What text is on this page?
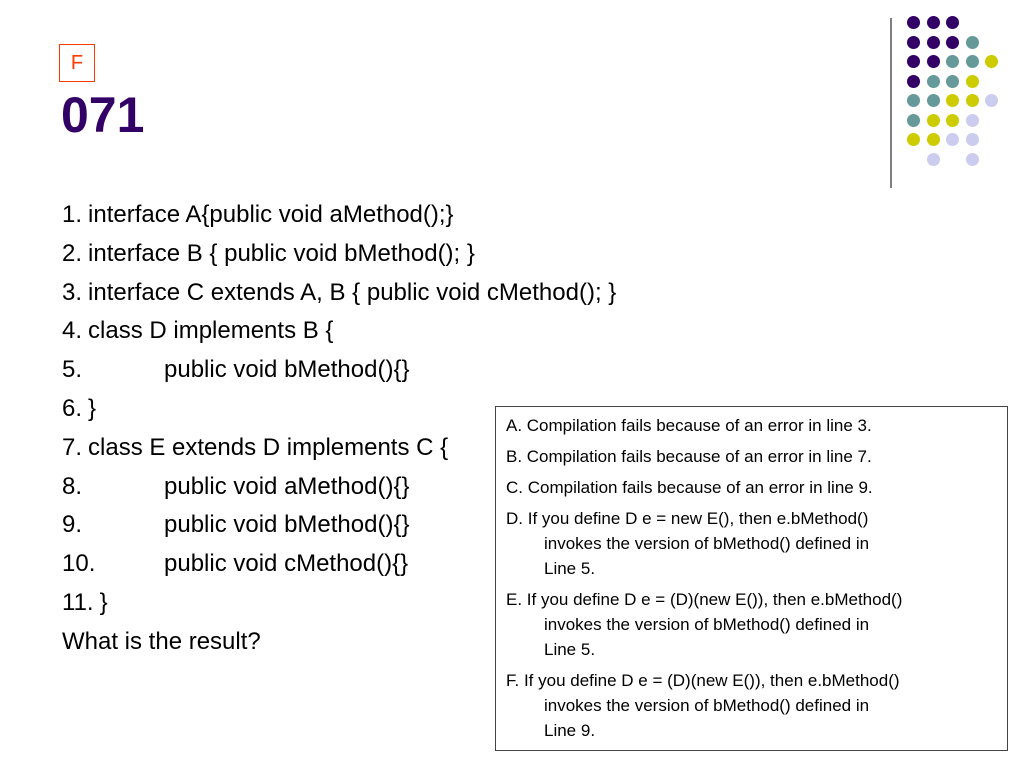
F
071
1. interface A{public void aMethod();}
2. interface B { public void bMethod(); }
3. interface C extends A, B { public void cMethod(); }
4. class D implements B {
5.	public void bMethod(){}
6. }
7. class E extends D implements C {
8.	public void aMethod(){}
9.	public void bMethod(){}
10.	public void cMethod(){}
11. }
What is the result?
A. Compilation fails because of an error in line 3.
B. Compilation fails because of an error in line 7.
C. Compilation fails because of an error in line 9.
D. If you define D e = new E(), then e.bMethod()
invokes the version of bMethod() defined in
Line 5.
E. If you define D e = (D)(new E()), then e.bMethod()
invokes the version of bMethod() defined in
Line 5.
F. If you define D e = (D)(new E()), then e.bMethod()
invokes the version of bMethod() defined in
Line 9.
